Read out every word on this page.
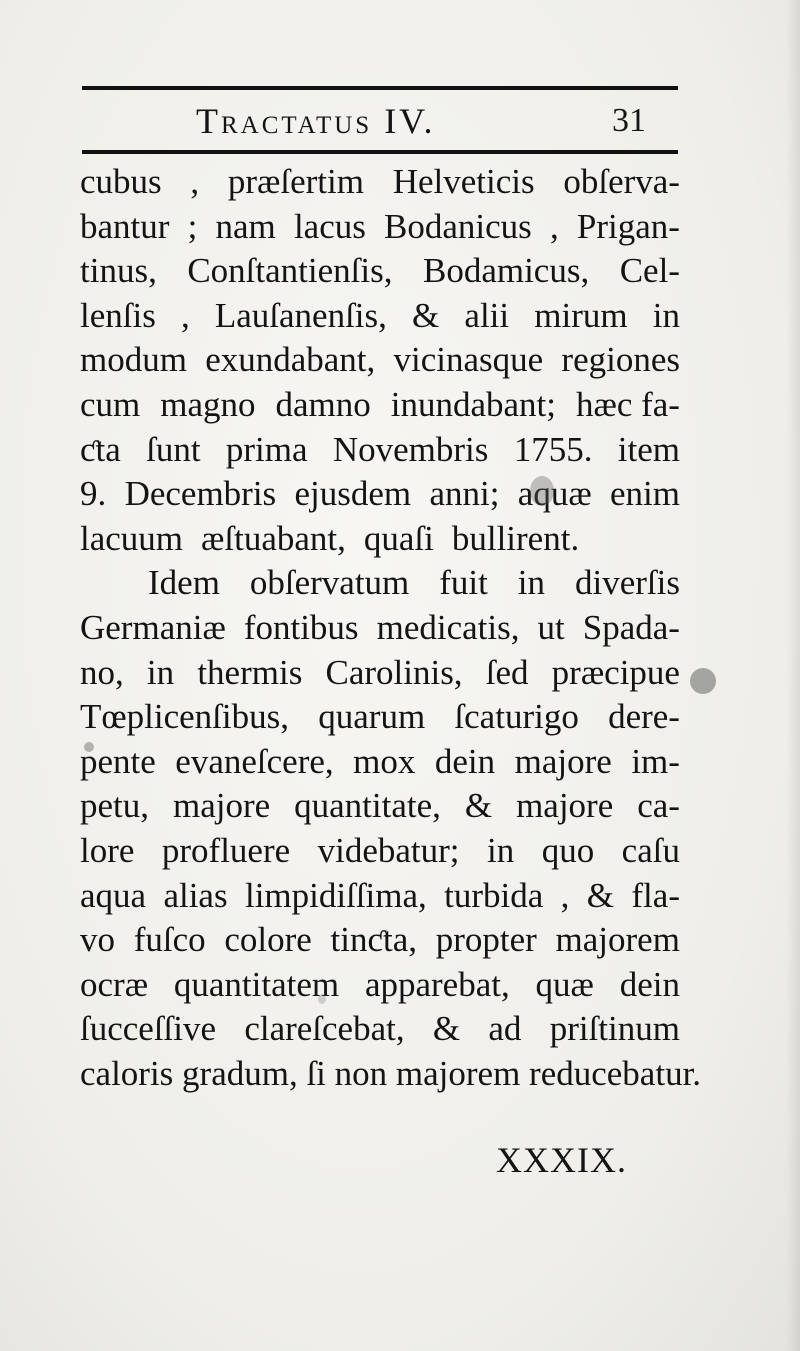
Tractatus IV.	31
cubus , præſertim Helveticis obſerva-
bantur ; nam lacus Bodanicus , Prigan-
tinus, Conſtantienſis, Bodamicus, Cel-
lenſis , Lauſanenſis, & alii mirum in
modum exundabant, vicinasque regiones
cum magno damno inundabant; hæc fa-
ƈta ſunt prima Novembris 1755. item
9. Decembris ejusdem anni; aquæ enim
lacuum æſtuabant, quaſi bullirent.
Idem obſervatum fuit in diverſis
Germaniæ fontibus medicatis, ut Spada-
no, in thermis Carolinis, ſed præcipue
Tœplicenſibus, quarum ſcaturigo dere-
pente evaneſcere, mox dein majore im-
petu, majore quantitate, & majore ca-
lore profluere videbatur; in quo caſu
aqua alias limpidiſſima, turbida , & fla-
vo fuſco colore tinƈta, propter majorem
ocræ quantitatem apparebat, quæ dein
ſucceſſive clareſcebat, & ad priſtinum
caloris gradum, ſi non majorem reducebatur.
XXXIX.
